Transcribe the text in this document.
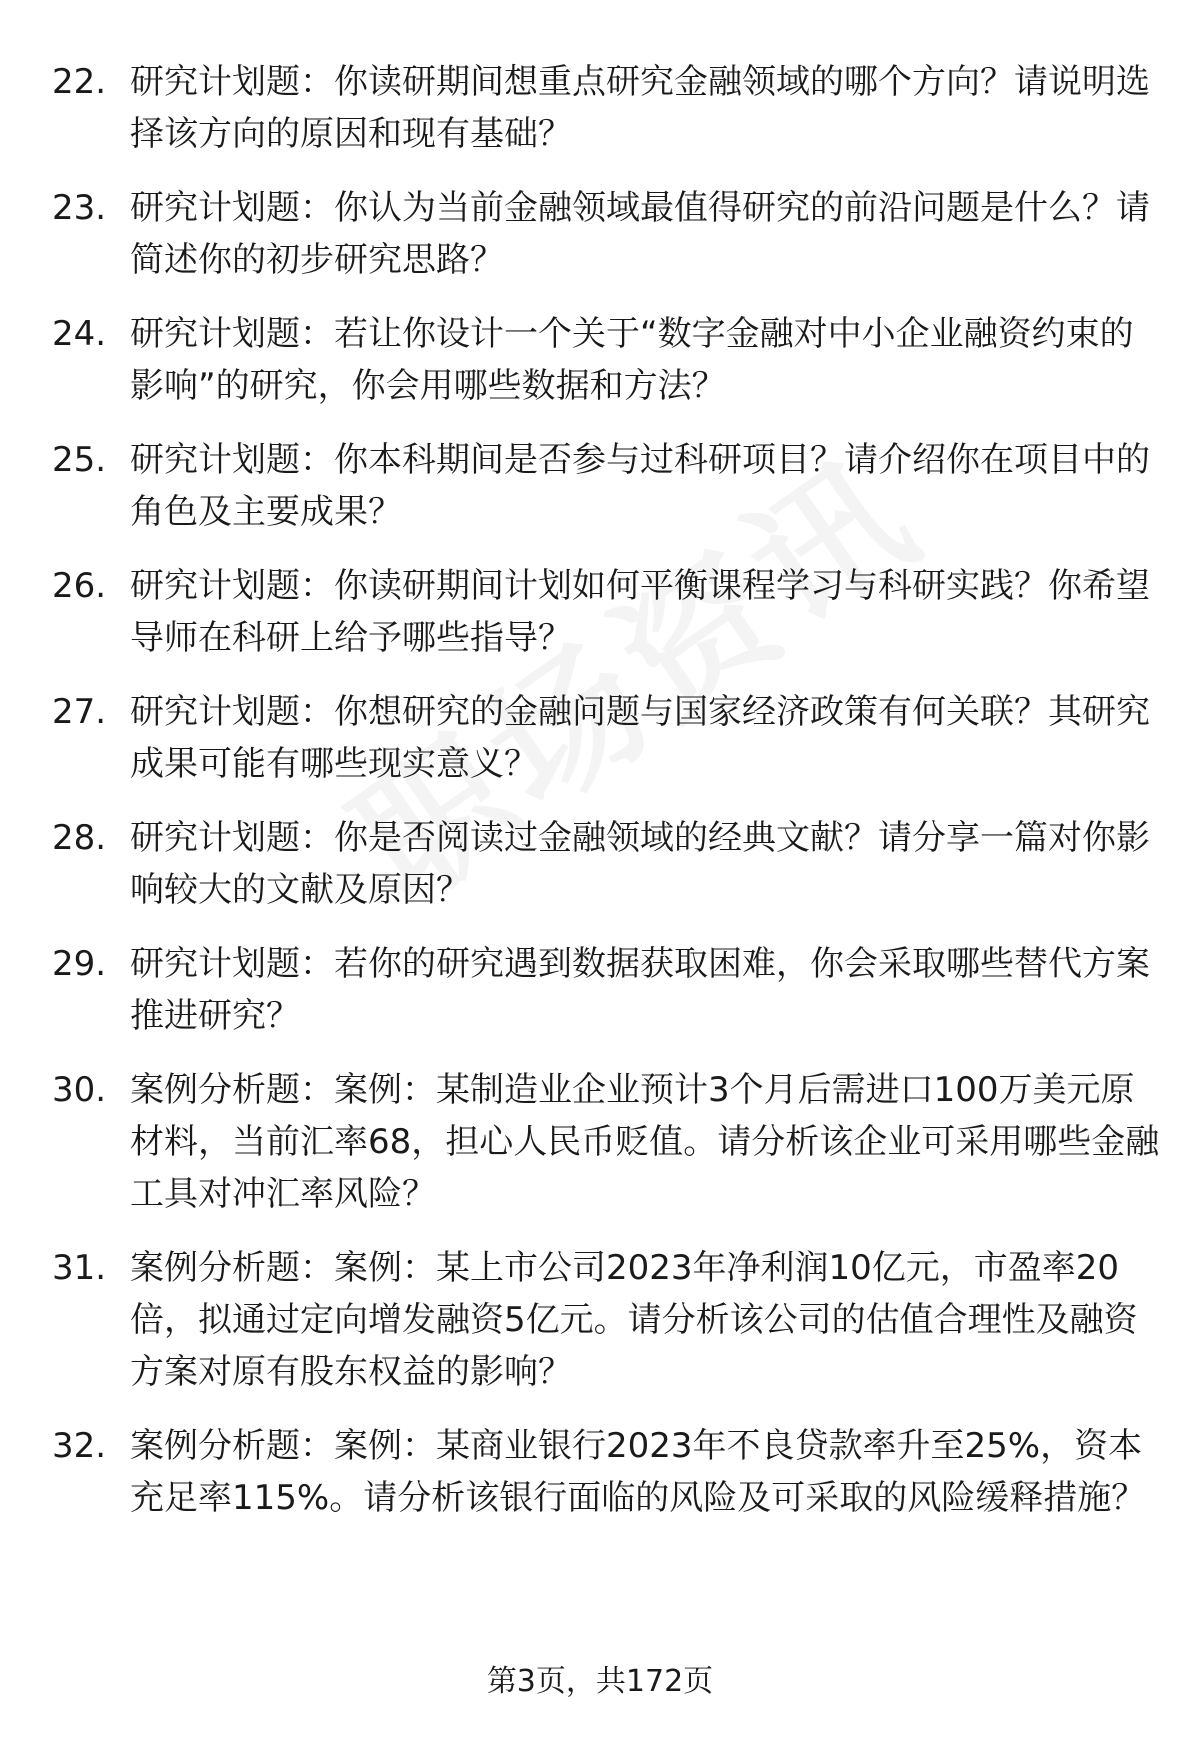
22. 研究计划题：你读研期间想重点研究金融领域的哪个方向？请说明选择该方向的原因和现有基础？
23. 研究计划题：你认为当前金融领域最值得研究的前沿问题是什么？请简述你的初步研究思路？
24. 研究计划题：若让你设计一个关于“数字金融对中小企业融资约束的影响”的研究，你会用哪些数据和方法？
25. 研究计划题：你本科期间是否参与过科研项目？请介绍你在项目中的角色及主要成果？
26. 研究计划题：你读研期间计划如何平衡课程学习与科研实践？你希望导师在科研上给予哪些指导？
27. 研究计划题：你想研究的金融问题与国家经济政策有何关联？其研究成果可能有哪些现实意义？
28. 研究计划题：你是否阅读过金融领域的经典文献？请分享一篇对你影响较大的文献及原因？
29. 研究计划题：若你的研究遇到数据获取困难，你会采取哪些替代方案推进研究？
30. 案例分析题：案例：某制造业企业预计3个月后需进口100万美元原材料，当前汇率68，担心人民币贬值。请分析该企业可采用哪些金融工具对冲汇率风险？
31. 案例分析题：案例：某上市公司2023年净利润10亿元，市盈率20倍，拟通过定向增发融资5亿元。请分析该公司的估值合理性及融资方案对原有股东权益的影响？
32. 案例分析题：案例：某商业银行2023年不良贷款率升至25%，资本充足率115%。请分析该银行面临的风险及可采取的风险缓释措施？
第3页，共172页
